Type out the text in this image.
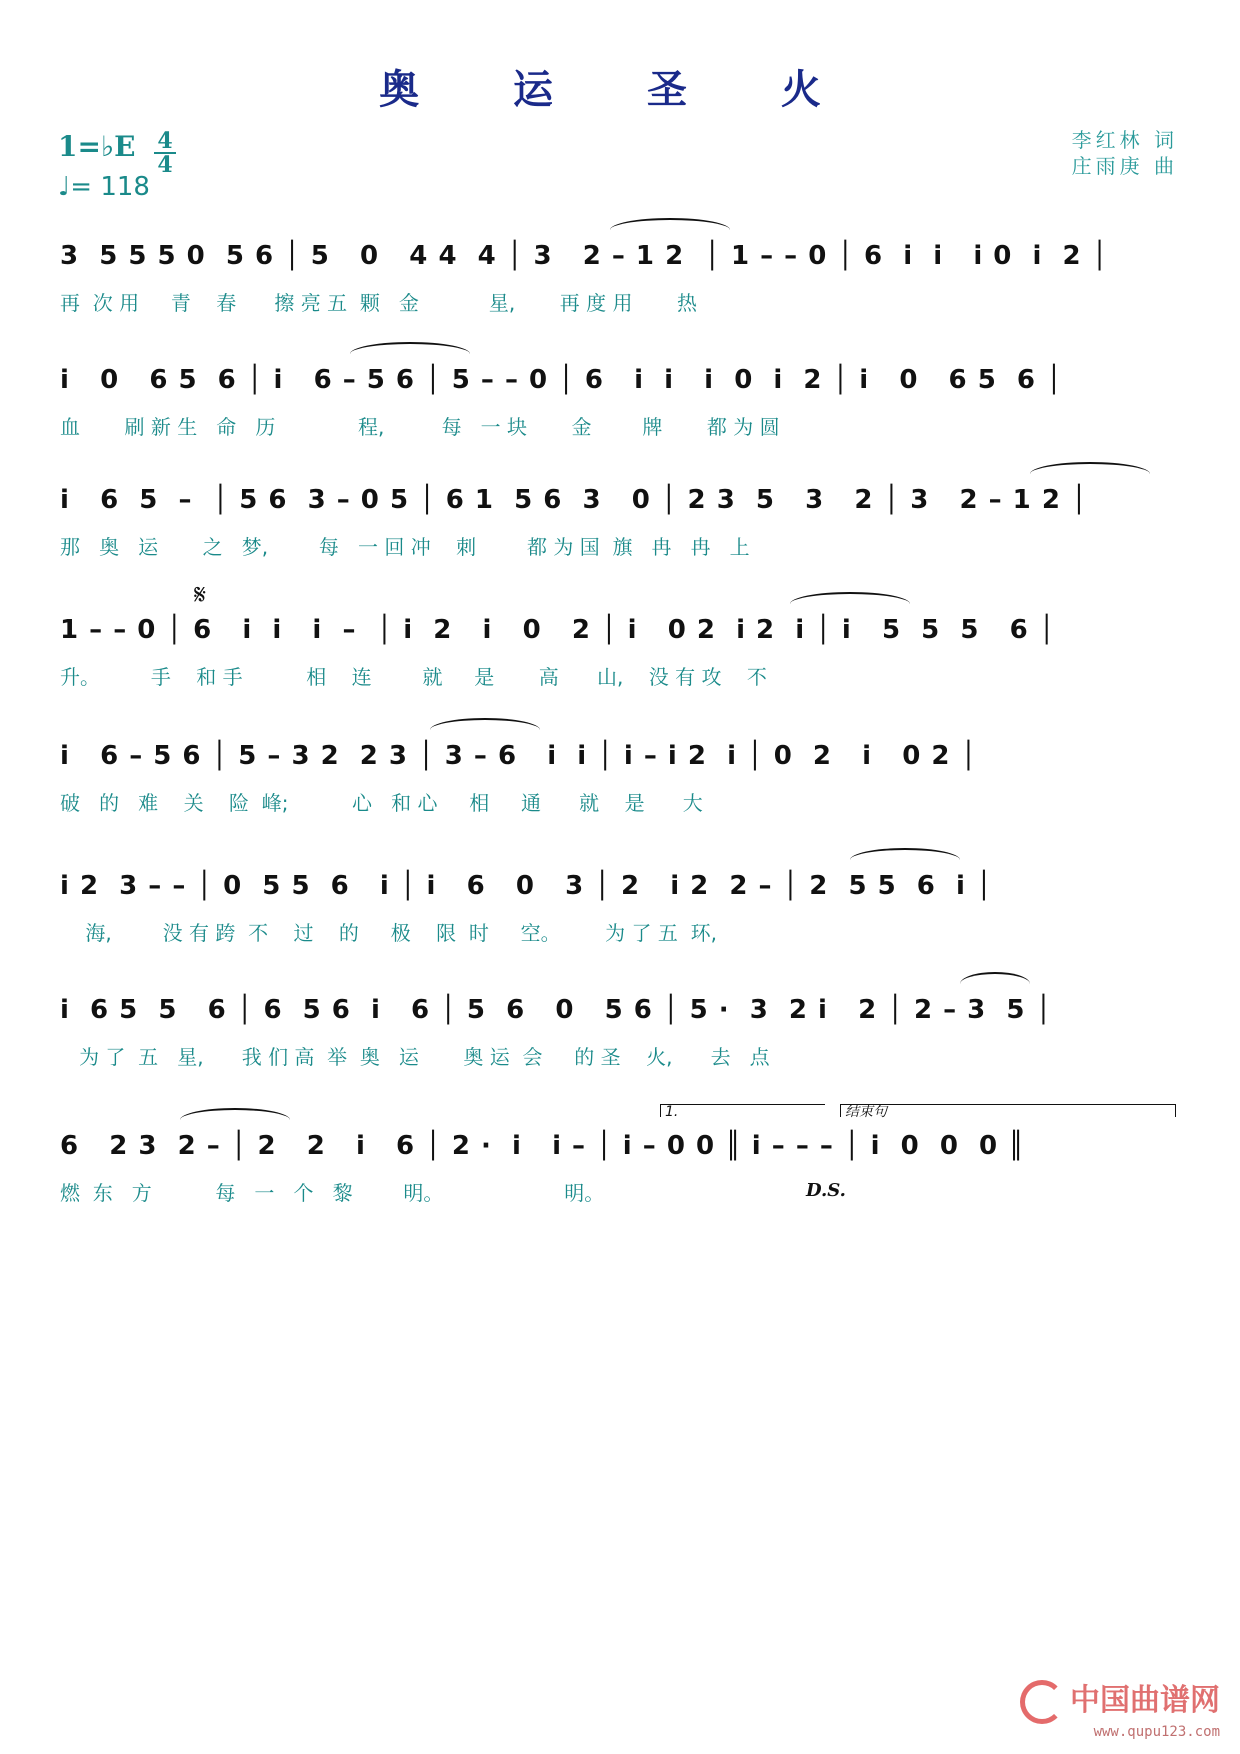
奥 运 圣 火
1=♭E 4
4
♩= 118
李红林 词
庄雨庚 曲
3  5 5 5 0  5 6 │ 5   0   4 4  4 │ 3   2 – 1 2  │ 1 – – 0 │ 6  i  i   i 0  i  2 │
再  次 用     青    春      擦 亮 五  颗   金           星,       再 度 用       热
i   0   6 5  6 │ i   6 – 5 6 │ 5 – – 0 │ 6   i  i   i  0  i  2 │ i   0   6 5  6 │
血       刷 新 生   命   历             程,         每   一 块       金        牌       都 为 圆
i   6  5  –  │ 5 6  3 – 0 5 │ 6 1  5 6  3   0 │ 2 3  5   3   2 │ 3   2 – 1 2 │
那   奥   运       之   梦,        每   一 回 冲    刺        都 为 国  旗   冉   冉   上
𝄋
1 – – 0 │ 6   i  i   i  –  │ i  2   i   0   2 │ i   0 2  i 2  i │ i   5  5  5   6 │
升。        手    和 手          相    连        就     是       高      山,    没 有 攻    不
i   6 – 5 6 │ 5 – 3 2  2 3 │ 3 – 6   i  i │ i – i 2  i │ 0  2   i   0 2 │
破   的   难    关    险  峰;          心   和 心     相     通      就    是      大
i 2  3 – – │ 0  5 5  6   i │ i   6   0   3 │ 2   i 2  2 – │ 2  5 5  6  i │
海,        没 有 跨  不    过    的     极    限  时     空。       为 了 五  环,
i  6 5  5   6 │ 6  5 6  i   6 │ 5  6   0   5 6 │ 5 ·  3  2 i   2 │ 2 – 3  5 │
为 了  五   星,      我 们 高  举  奥   运       奥 运  会     的 圣    火,      去   点
1.	结束句
6   2 3  2 – │ 2   2   i   6 │ 2 ·  i   i – │ i – 0 0 ║ i – – – │ i  0  0  0 ║
燃  东   方          每   一   个   黎        明。                   明。	D.S.
中国曲谱网
www.qupu123.com
